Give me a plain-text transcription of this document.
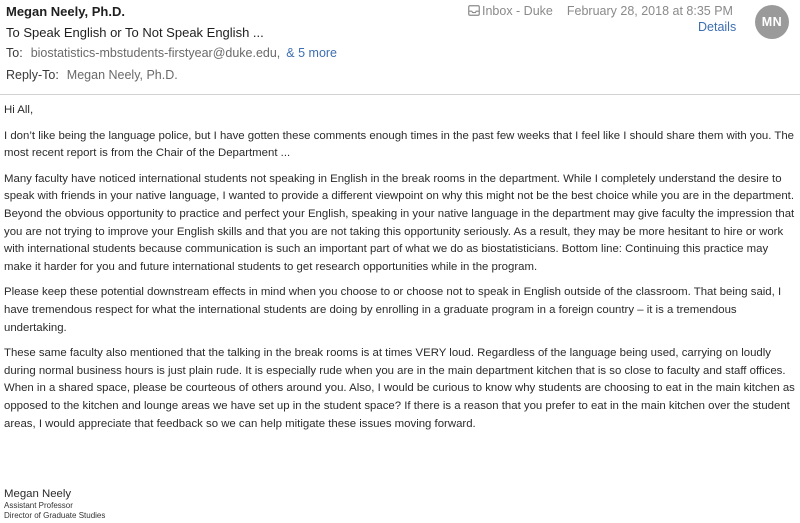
Megan Neely, Ph.D.
To Speak English or To Not Speak English ...
To: biostatistics-mbstudents-firstyear@duke.edu, & 5 more
Reply-To: Megan Neely, Ph.D.
Inbox - Duke February 28, 2018 at 8:35 PM
Details	MN

Hi All,

I don’t like being the language police, but I have gotten these comments enough times in the past few weeks that I feel like I should share them with you. The most recent report is from the Chair of the Department ...

Many faculty have noticed international students not speaking in English in the break rooms in the department. While I completely understand the desire to speak with friends in your native language, I wanted to provide a different viewpoint on why this might not be the best choice while you are in the department. Beyond the obvious opportunity to practice and perfect your English, speaking in your native language in the department may give faculty the impression that you are not trying to improve your English skills and that you are not taking this opportunity seriously. As a result, they may be more hesitant to hire or work with international students because communication is such an important part of what we do as biostatisticians. Bottom line: Continuing this practice may make it harder for you and future international students to get research opportunities while in the program.

Please keep these potential downstream effects in mind when you choose to or choose not to speak in English outside of the classroom. That being said, I have tremendous respect for what the international students are doing by enrolling in a graduate program in a foreign country – it is a tremendous undertaking.

These same faculty also mentioned that the talking in the break rooms is at times VERY loud. Regardless of the language being used, carrying on loudly during normal business hours is just plain rude. It is especially rude when you are in the main department kitchen that is so close to faculty and staff offices. When in a shared space, please be courteous of others around you. Also, I would be curious to know why students are choosing to eat in the main kitchen as opposed to the kitchen and lounge areas we have set up in the student space? If there is a reason that you prefer to eat in the main kitchen over the student areas, I would appreciate that feedback so we can help mitigate these issues moving forward.

Megan Neely
Assistant Professor
Director of Graduate Studies
